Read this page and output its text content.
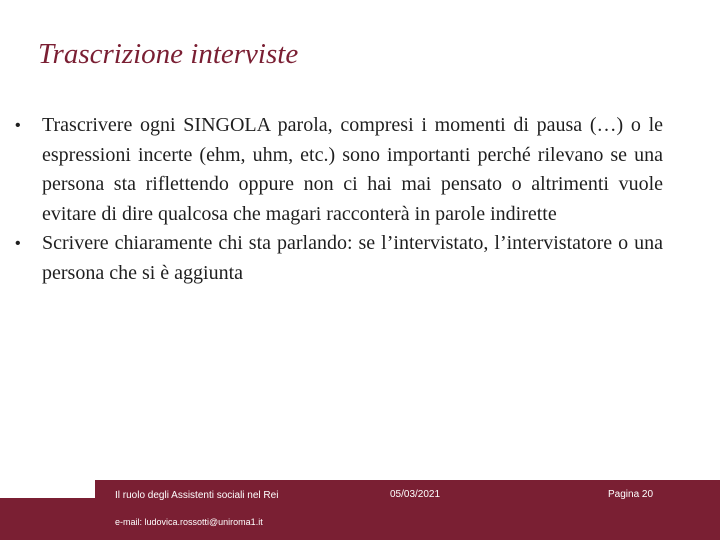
Trascrizione interviste
• Trascrivere ogni SINGOLA parola, compresi i momenti di pausa (…) o le espressioni incerte (ehm, uhm, etc.) sono importanti perché rilevano se una persona sta riflettendo oppure non ci hai mai pensato o altrimenti vuole evitare di dire qualcosa che magari racconterà in parole indirette
• Scrivere chiaramente chi sta parlando: se l’intervistato, l’intervistatore o una persona che si è aggiunta
Il ruolo degli Assistenti sociali nel Rei
e-mail: ludovica.rossotti@uniroma1.it
05/03/2021	Pagina 20
